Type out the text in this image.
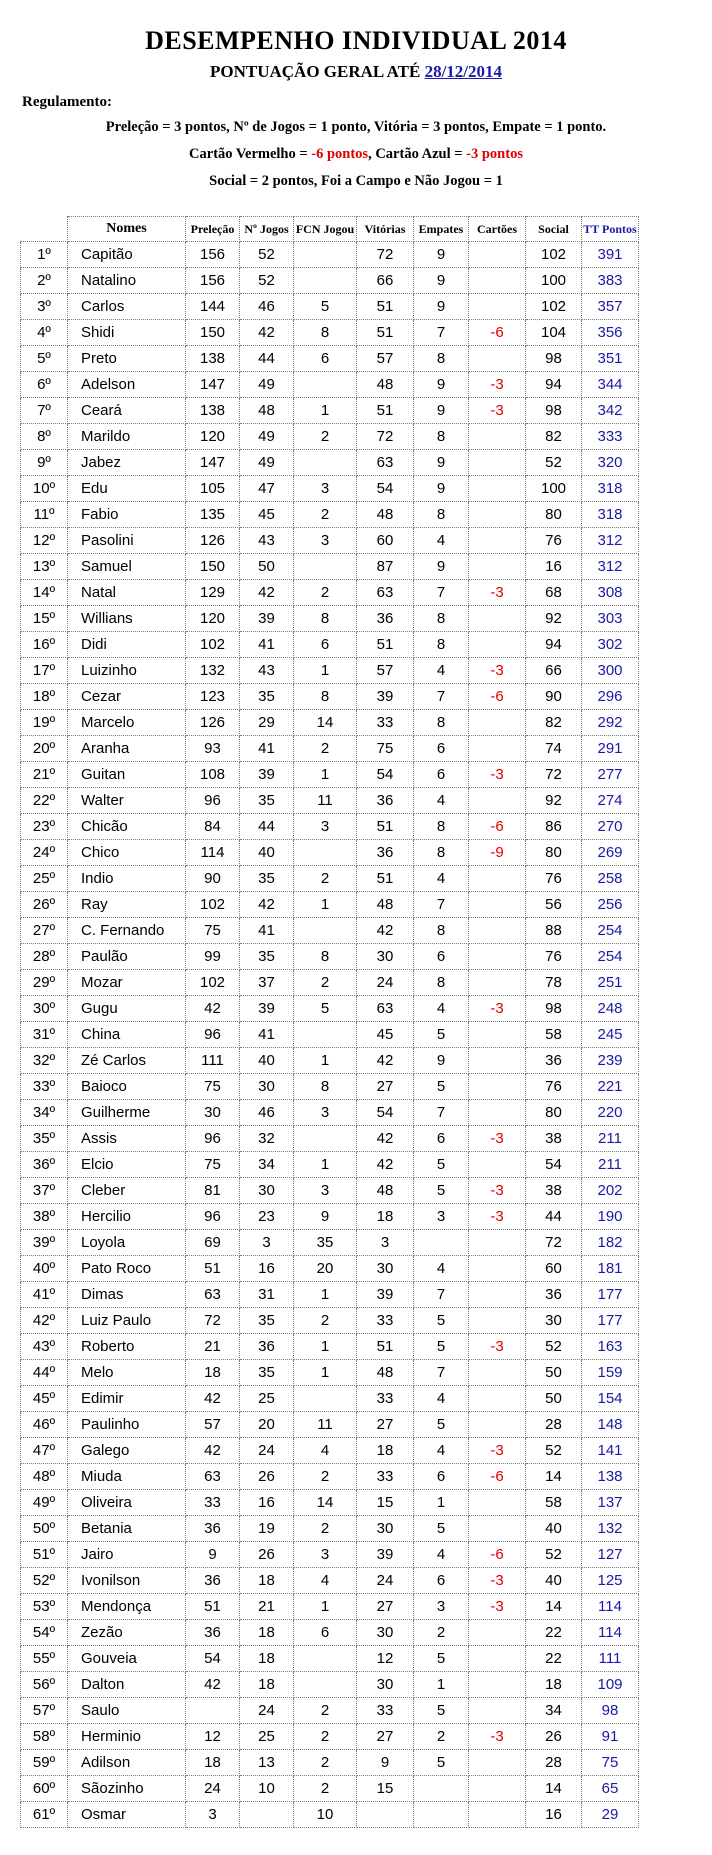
DESEMPENHO INDIVIDUAL 2014
PONTUAÇÃO GERAL ATÉ 28/12/2014
Regulamento:
Preleção = 3 pontos, Nº de Jogos = 1 ponto, Vitória = 3 pontos, Empate = 1 ponto.
Cartão Vermelho = -6 pontos, Cartão Azul = -3 pontos
Social = 2 pontos, Foi a Campo e Não Jogou = 1
	Nomes	Preleção	Nº Jogos	FCN Jogou	Vitórias	Empates	Cartões	Social	TT Pontos
1º	Capitão	156	52		72	9		102	391
2º	Natalino	156	52		66	9		100	383
3º	Carlos	144	46	5	51	9		102	357
4º	Shidi	150	42	8	51	7	-6	104	356
5º	Preto	138	44	6	57	8		98	351
6º	Adelson	147	49		48	9	-3	94	344
7º	Ceará	138	48	1	51	9	-3	98	342
8º	Marildo	120	49	2	72	8		82	333
9º	Jabez	147	49		63	9		52	320
10º	Edu	105	47	3	54	9		100	318
11º	Fabio	135	45	2	48	8		80	318
12º	Pasolini	126	43	3	60	4		76	312
13º	Samuel	150	50		87	9		16	312
14º	Natal	129	42	2	63	7	-3	68	308
15º	Willians	120	39	8	36	8		92	303
16º	Didi	102	41	6	51	8		94	302
17º	Luizinho	132	43	1	57	4	-3	66	300
18º	Cezar	123	35	8	39	7	-6	90	296
19º	Marcelo	126	29	14	33	8		82	292
20º	Aranha	93	41	2	75	6		74	291
21º	Guitan	108	39	1	54	6	-3	72	277
22º	Walter	96	35	11	36	4		92	274
23º	Chicão	84	44	3	51	8	-6	86	270
24º	Chico	114	40		36	8	-9	80	269
25º	Indio	90	35	2	51	4		76	258
26º	Ray	102	42	1	48	7		56	256
27º	C. Fernando	75	41		42	8		88	254
28º	Paulão	99	35	8	30	6		76	254
29º	Mozar	102	37	2	24	8		78	251
30º	Gugu	42	39	5	63	4	-3	98	248
31º	China	96	41		45	5		58	245
32º	Zé Carlos	111	40	1	42	9		36	239
33º	Baioco	75	30	8	27	5		76	221
34º	Guilherme	30	46	3	54	7		80	220
35º	Assis	96	32		42	6	-3	38	211
36º	Elcio	75	34	1	42	5		54	211
37º	Cleber	81	30	3	48	5	-3	38	202
38º	Hercilio	96	23	9	18	3	-3	44	190
39º	Loyola	69	3	35	3			72	182
40º	Pato Roco	51	16	20	30	4		60	181
41º	Dimas	63	31	1	39	7		36	177
42º	Luiz Paulo	72	35	2	33	5		30	177
43º	Roberto	21	36	1	51	5	-3	52	163
44º	Melo	18	35	1	48	7		50	159
45º	Edimir	42	25		33	4		50	154
46º	Paulinho	57	20	11	27	5		28	148
47º	Galego	42	24	4	18	4	-3	52	141
48º	Miuda	63	26	2	33	6	-6	14	138
49º	Oliveira	33	16	14	15	1		58	137
50º	Betania	36	19	2	30	5		40	132
51º	Jairo	9	26	3	39	4	-6	52	127
52º	Ivonilson	36	18	4	24	6	-3	40	125
53º	Mendonça	51	21	1	27	3	-3	14	114
54º	Zezão	36	18	6	30	2		22	114
55º	Gouveia	54	18		12	5		22	111
56º	Dalton	42	18		30	1		18	109
57º	Saulo		24	2	33	5		34	98
58º	Herminio	12	25	2	27	2	-3	26	91
59º	Adilson	18	13	2	9	5		28	75
60º	Sãozinho	24	10	2	15			14	65
61º	Osmar	3		10				16	29
